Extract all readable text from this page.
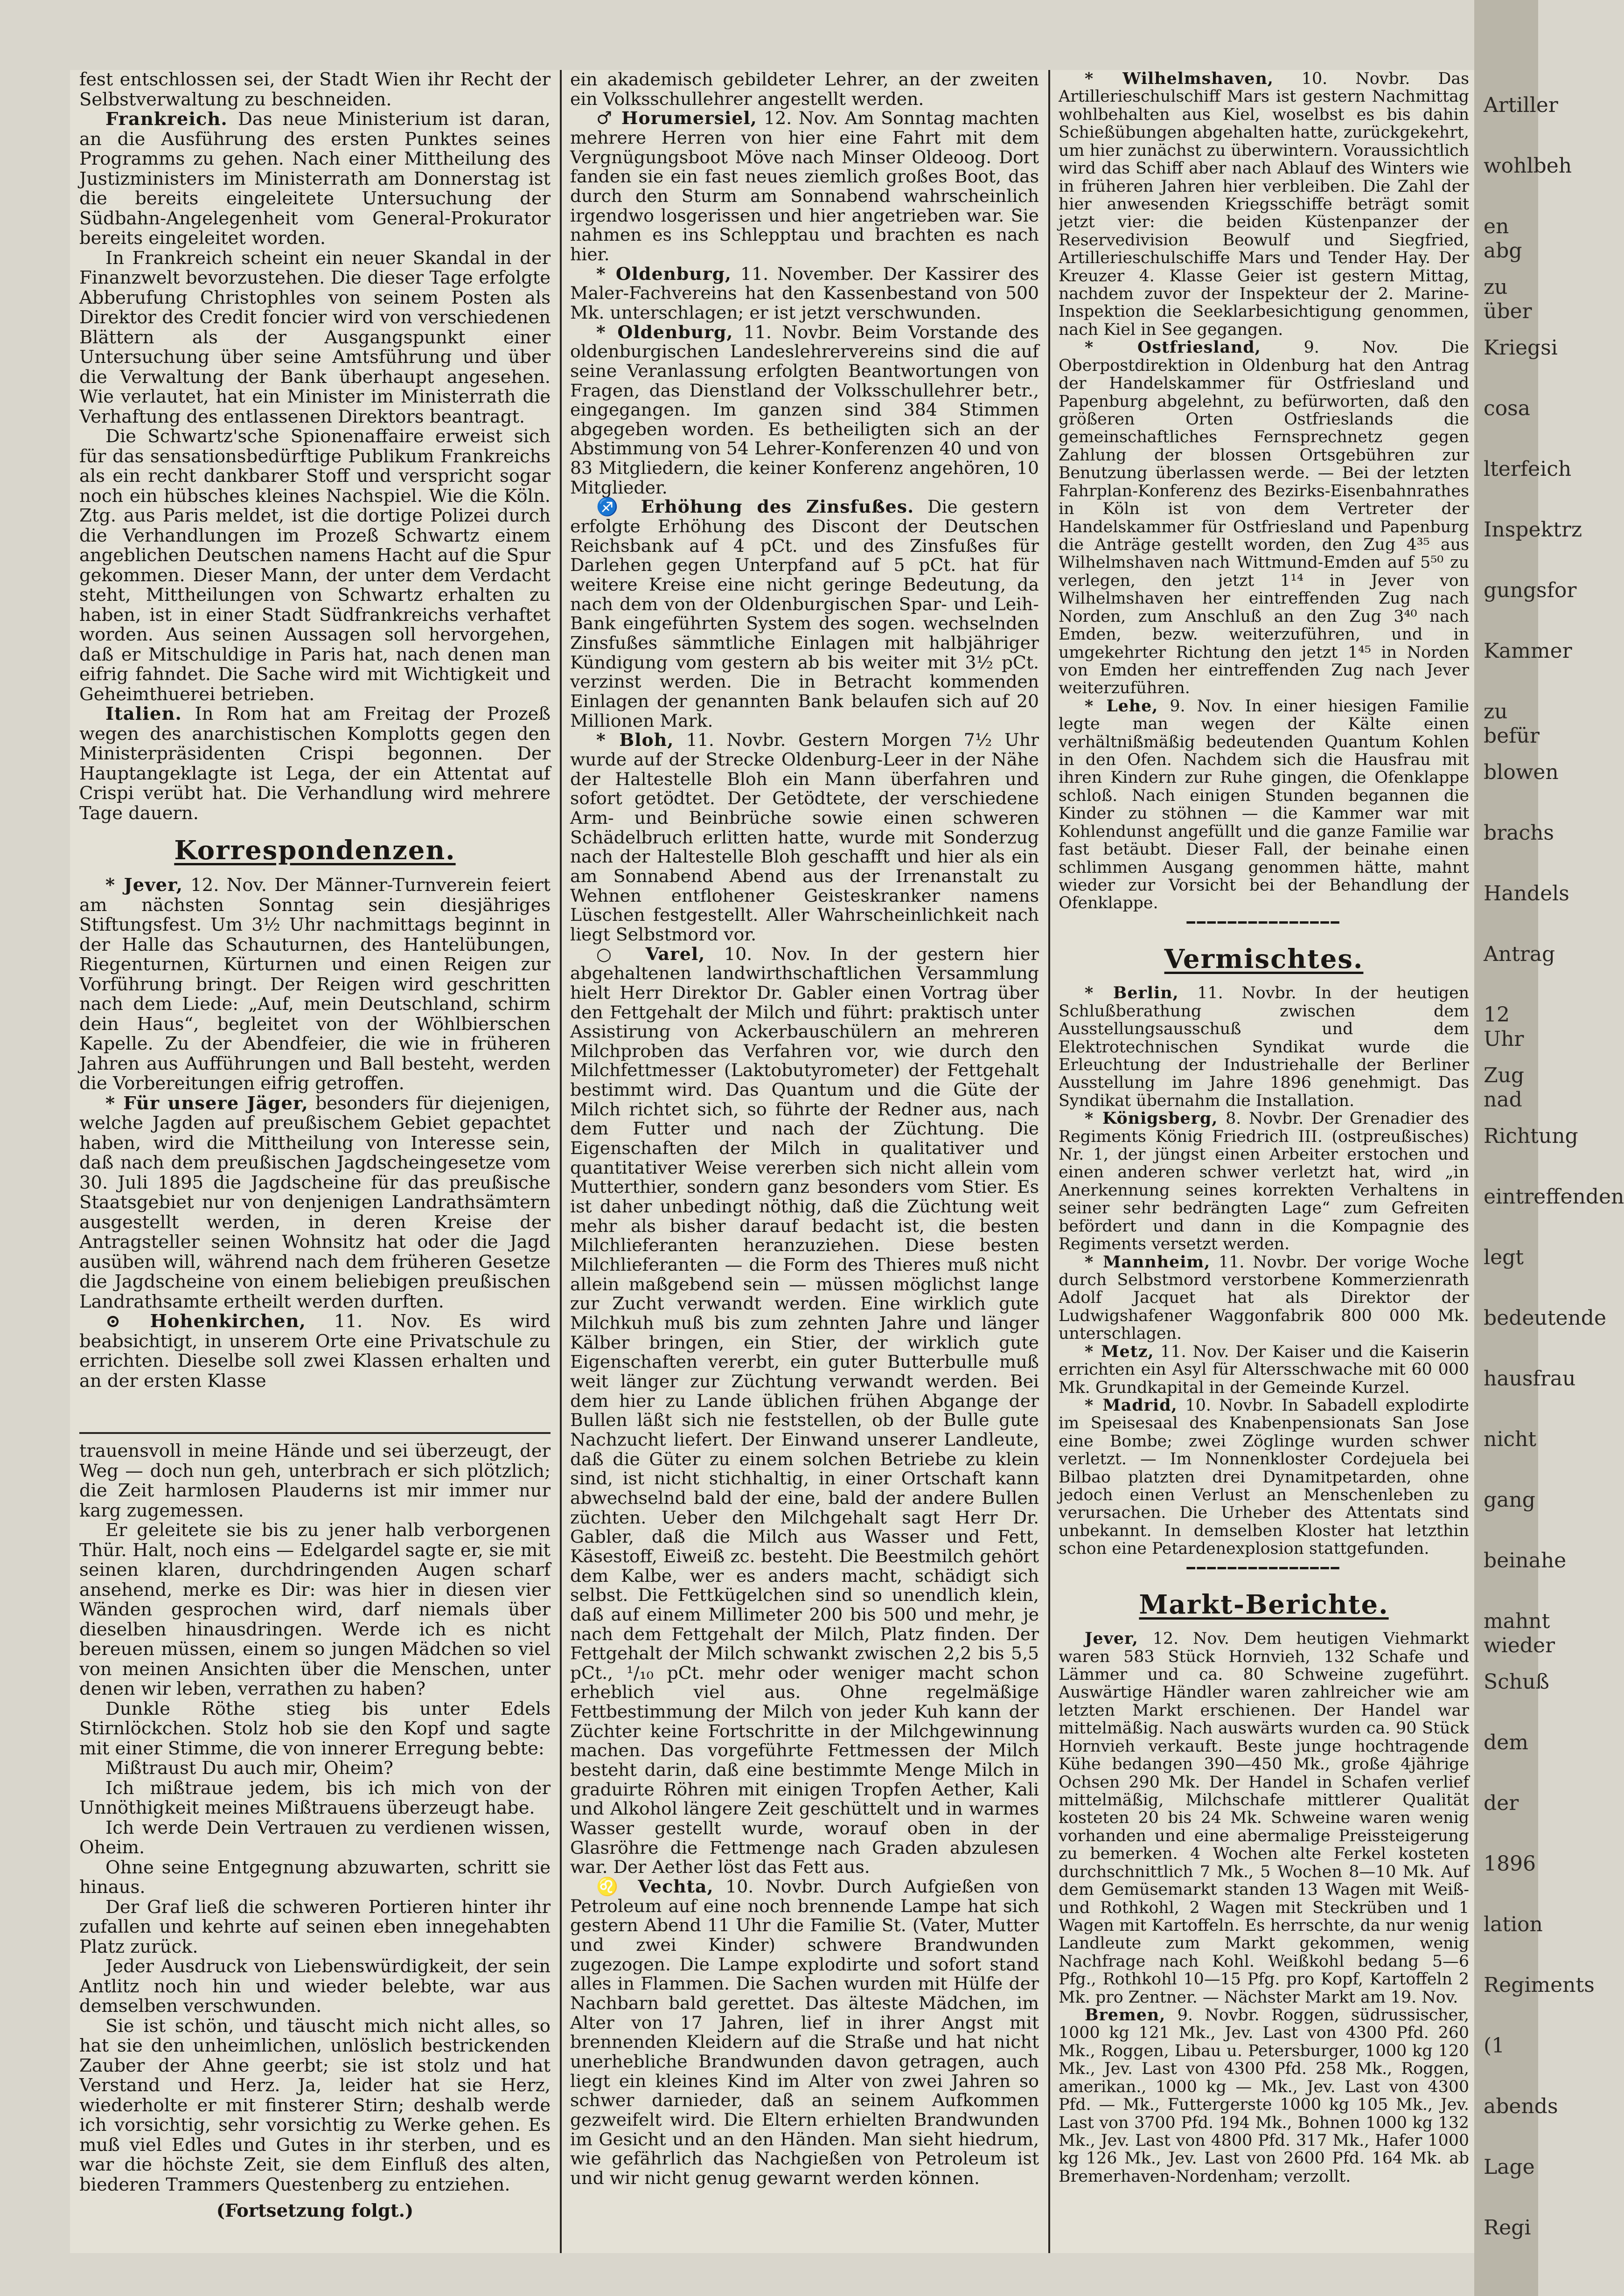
fest entschlossen sei, der Stadt Wien ihr Recht der Selbstverwaltung zu beschneiden.

Frankreich. Das neue Ministerium ist daran, an die Ausführung des ersten Punktes seines Programms zu gehen. Nach einer Mittheilung des Justizministers im Ministerrath am Donnerstag ist die bereits eingeleitete Untersuchung der Südbahn-Angelegenheit vom General-Prokurator bereits eingeleitet worden.

In Frankreich scheint ein neuer Skandal in der Finanzwelt bevorzustehen. Die dieser Tage erfolgte Abberufung Christophles von seinem Posten als Direktor des Credit foncier wird von verschiedenen Blättern als der Ausgangspunkt einer Untersuchung über seine Amtsführung und über die Verwaltung der Bank überhaupt angesehen. Wie verlautet, hat ein Minister im Ministerrath die Verhaftung des entlassenen Direktors beantragt.

Die Schwartz'sche Spionenaffaire erweist sich für das sensationsbedürftige Publikum Frankreichs als ein recht dankbarer Stoff und verspricht sogar noch ein hübsches kleines Nachspiel. Wie die Köln. Ztg. aus Paris meldet, ist die dortige Polizei durch die Verhandlungen im Prozeß Schwartz einem angeblichen Deutschen namens Hacht auf die Spur gekommen. Dieser Mann, der unter dem Verdacht steht, Mittheilungen von Schwartz erhalten zu haben, ist in einer Stadt Südfrankreichs verhaftet worden. Aus seinen Aussagen soll hervorgehen, daß er Mitschuldige in Paris hat, nach denen man eifrig fahndet. Die Sache wird mit Wichtigkeit und Geheimthuerei betrieben.

Italien. In Rom hat am Freitag der Prozeß wegen des anarchistischen Komplotts gegen den Ministerpräsidenten Crispi begonnen. Der Hauptangeklagte ist Lega, der ein Attentat auf Crispi verübt hat. Die Verhandlung wird mehrere Tage dauern.

Korrespondenzen.

* Jever, 12. Nov. Der Männer-Turnverein feiert am nächsten Sonntag sein diesjähriges Stiftungsfest. Um 3½ Uhr nachmittags beginnt in der Halle das Schauturnen, des Hantelübungen, Riegenturnen, Kürturnen und einen Reigen zur Vorführung bringt. Der Reigen wird geschritten nach dem Liede: „Auf, mein Deutschland, schirm dein Haus“, begleitet von der Wöhlbierschen Kapelle. Zu der Abendfeier, die wie in früheren Jahren aus Aufführungen und Ball besteht, werden die Vorbereitungen eifrig getroffen.

* Für unsere Jäger, besonders für diejenigen, welche Jagden auf preußischem Gebiet gepachtet haben, wird die Mittheilung von Interesse sein, daß nach dem preußischen Jagdscheingesetze vom 30. Juli 1895 die Jagdscheine für das preußische Staatsgebiet nur von denjenigen Landrathsämtern ausgestellt werden, in deren Kreise der Antragsteller seinen Wohnsitz hat oder die Jagd ausüben will, während nach dem früheren Gesetze die Jagdscheine von einem beliebigen preußischen Landrathsamte ertheilt werden durften.

⊙ Hohenkirchen, 11. Nov. Es wird beabsichtigt, in unserem Orte eine Privatschule zu errichten. Dieselbe soll zwei Klassen erhalten und an der ersten Klasse

trauensvoll in meine Hände und sei überzeugt, der Weg — doch nun geh, unterbrach er sich plötzlich; die Zeit harmlosen Plauderns ist mir immer nur karg zugemessen.

Er geleitete sie bis zu jener halb verborgenen Thür. Halt, noch eins — Edelgardel sagte er, sie mit seinen klaren, durchdringenden Augen scharf ansehend, merke es Dir: was hier in diesen vier Wänden gesprochen wird, darf niemals über dieselben hinausdringen. Werde ich es nicht bereuen müssen, einem so jungen Mädchen so viel von meinen Ansichten über die Menschen, unter denen wir leben, verrathen zu haben?

Dunkle Röthe stieg bis unter Edels Stirnlöckchen. Stolz hob sie den Kopf und sagte mit einer Stimme, die von innerer Erregung bebte:

Mißtraust Du auch mir, Oheim?

Ich mißtraue jedem, bis ich mich von der Unnöthigkeit meines Mißtrauens überzeugt habe.

Ich werde Dein Vertrauen zu verdienen wissen, Oheim.

Ohne seine Entgegnung abzuwarten, schritt sie hinaus.

Der Graf ließ die schweren Portieren hinter ihr zufallen und kehrte auf seinen eben innegehabten Platz zurück.

Jeder Ausdruck von Liebenswürdigkeit, der sein Antlitz noch hin und wieder belebte, war aus demselben verschwunden.

Sie ist schön, und täuscht mich nicht alles, so hat sie den unheimlichen, unlöslich bestrickenden Zauber der Ahne geerbt; sie ist stolz und hat Verstand und Herz. Ja, leider hat sie Herz, wiederholte er mit finsterer Stirn; deshalb werde ich vorsichtig, sehr vorsichtig zu Werke gehen. Es muß viel Edles und Gutes in ihr sterben, und es war die höchste Zeit, sie dem Einfluß des alten, biederen Trammers Questenberg zu entziehen.

(Fortsetzung folgt.)

ein akademisch gebildeter Lehrer, an der zweiten ein Volksschullehrer angestellt werden.

♂ Horumersiel, 12. Nov. Am Sonntag machten mehrere Herren von hier eine Fahrt mit dem Vergnügungsboot Möve nach Minser Oldeoog. Dort fanden sie ein fast neues ziemlich großes Boot, das durch den Sturm am Sonnabend wahrscheinlich irgendwo losgerissen und hier angetrieben war. Sie nahmen es ins Schlepptau und brachten es nach hier.

* Oldenburg, 11. November. Der Kassirer des Maler-Fachvereins hat den Kassenbestand von 500 Mk. unterschlagen; er ist jetzt verschwunden.

* Oldenburg, 11. Novbr. Beim Vorstande des oldenburgischen Landeslehrervereins sind die auf seine Veranlassung erfolgten Beantwortungen von Fragen, das Dienstland der Volksschullehrer betr., eingegangen. Im ganzen sind 384 Stimmen abgegeben worden. Es betheiligten sich an der Abstimmung von 54 Lehrer-Konferenzen 40 und von 83 Mitgliedern, die keiner Konferenz angehören, 10 Mitglieder.

♐ Erhöhung des Zinsfußes. Die gestern erfolgte Erhöhung des Discont der Deutschen Reichsbank auf 4 pCt. und des Zinsfußes für Darlehen gegen Unterpfand auf 5 pCt. hat für weitere Kreise eine nicht geringe Bedeutung, da nach dem von der Oldenburgischen Spar- und Leih-Bank eingeführten System des sogen. wechselnden Zinsfußes sämmtliche Einlagen mit halbjähriger Kündigung vom gestern ab bis weiter mit 3½ pCt. verzinst werden. Die in Betracht kommenden Einlagen der genannten Bank belaufen sich auf 20 Millionen Mark.

* Bloh, 11. Novbr. Gestern Morgen 7½ Uhr wurde auf der Strecke Oldenburg-Leer in der Nähe der Haltestelle Bloh ein Mann überfahren und sofort getödtet. Der Getödtete, der verschiedene Arm- und Beinbrüche sowie einen schweren Schädelbruch erlitten hatte, wurde mit Sonderzug nach der Haltestelle Bloh geschafft und hier als ein am Sonnabend Abend aus der Irrenanstalt zu Wehnen entflohener Geisteskranker namens Lüschen festgestellt. Aller Wahrscheinlichkeit nach liegt Selbstmord vor.

○ Varel, 10. Nov. In der gestern hier abgehaltenen landwirthschaftlichen Versammlung hielt Herr Direktor Dr. Gabler einen Vortrag über den Fettgehalt der Milch und führt: praktisch unter Assistirung von Ackerbauschülern an mehreren Milchproben das Verfahren vor, wie durch den Milchfettmesser (Laktobutyrometer) der Fettgehalt bestimmt wird. Das Quantum und die Güte der Milch richtet sich, so führte der Redner aus, nach dem Futter und nach der Züchtung. Die Eigenschaften der Milch in qualitativer und quantitativer Weise vererben sich nicht allein vom Mutterthier, sondern ganz besonders vom Stier. Es ist daher unbedingt nöthig, daß die Züchtung weit mehr als bisher darauf bedacht ist, die besten Milchlieferanten heranzuziehen. Diese besten Milchlieferanten — die Form des Thieres muß nicht allein maßgebend sein — müssen möglichst lange zur Zucht verwandt werden. Eine wirklich gute Milchkuh muß bis zum zehnten Jahre und länger Kälber bringen, ein Stier, der wirklich gute Eigenschaften vererbt, ein guter Butterbulle muß weit länger zur Züchtung verwandt werden. Bei dem hier zu Lande üblichen frühen Abgange der Bullen läßt sich nie feststellen, ob der Bulle gute Nachzucht liefert. Der Einwand unserer Landleute, daß die Güter zu einem solchen Betriebe zu klein sind, ist nicht stichhaltig, in einer Ortschaft kann abwechselnd bald der eine, bald der andere Bullen züchten. Ueber den Milchgehalt sagt Herr Dr. Gabler, daß die Milch aus Wasser und Fett, Käsestoff, Eiweiß zc. besteht. Die Beestmilch gehört dem Kalbe, wer es anders macht, schädigt sich selbst. Die Fettkügelchen sind so unendlich klein, daß auf einem Millimeter 200 bis 500 und mehr, je nach dem Fettgehalt der Milch, Platz finden. Der Fettgehalt der Milch schwankt zwischen 2,2 bis 5,5 pCt., ¹/₁₀ pCt. mehr oder weniger macht schon erheblich viel aus. Ohne regelmäßige Fettbestimmung der Milch von jeder Kuh kann der Züchter keine Fortschritte in der Milchgewinnung machen. Das vorgeführte Fettmessen der Milch besteht darin, daß eine bestimmte Menge Milch in graduirte Röhren mit einigen Tropfen Aether, Kali und Alkohol längere Zeit geschüttelt und in warmes Wasser gestellt wurde, worauf oben in der Glasröhre die Fettmenge nach Graden abzulesen war. Der Aether löst das Fett aus.

♌ Vechta, 10. Novbr. Durch Aufgießen von Petroleum auf eine noch brennende Lampe hat sich gestern Abend 11 Uhr die Familie St. (Vater, Mutter und zwei Kinder) schwere Brandwunden zugezogen. Die Lampe explodirte und sofort stand alles in Flammen. Die Sachen wurden mit Hülfe der Nachbarn bald gerettet. Das älteste Mädchen, im Alter von 17 Jahren, lief in ihrer Angst mit brennenden Kleidern auf die Straße und hat nicht unerhebliche Brandwunden davon getragen, auch liegt ein kleines Kind im Alter von zwei Jahren so schwer darnieder, daß an seinem Aufkommen gezweifelt wird. Die Eltern erhielten Brandwunden im Gesicht und an den Händen. Man sieht hiedrum, wie gefährlich das Nachgießen von Petroleum ist und wir nicht genug gewarnt werden können.

* Wilhelmshaven, 10. Novbr. Das Artillerieschulschiff Mars ist gestern Nachmittag wohlbehalten aus Kiel, woselbst es bis dahin Schießübungen abgehalten hatte, zurückgekehrt, um hier zunächst zu überwintern. Voraussichtlich wird das Schiff aber nach Ablauf des Winters wie in früheren Jahren hier verbleiben. Die Zahl der hier anwesenden Kriegsschiffe beträgt somit jetzt vier: die beiden Küstenpanzer der Reservedivision Beowulf und Siegfried, Artillerieschulschiffe Mars und Tender Hay. Der Kreuzer 4. Klasse Geier ist gestern Mittag, nachdem zuvor der Inspekteur der 2. Marine-Inspektion die Seeklarbesichtigung genommen, nach Kiel in See gegangen.

* Ostfriesland,	9. Nov. Die Oberpostdirektion in Oldenburg hat den Antrag der Handelskammer für Ostfriesland und Papenburg abgelehnt, zu befürworten, daß den größeren Orten Ostfrieslands die gemeinschaftliches Fernsprechnetz gegen Zahlung der blossen Ortsgebühren zur Benutzung überlassen werde. — Bei der letzten Fahrplan-Konferenz des Bezirks-Eisenbahnrathes in Köln ist von dem Vertreter der Handelskammer für Ostfriesland und Papenburg die Anträge gestellt worden, den Zug 4³⁵ aus Wilhelmshaven nach Wittmund-Emden auf 5⁵⁰ zu verlegen, den jetzt 1¹⁴ in Jever von Wilhelmshaven her eintreffenden Zug nach Norden, zum Anschluß an den Zug 3⁴⁰ nach Emden, bezw. weiterzuführen, und in umgekehrter Richtung den jetzt 1⁴⁵ in Norden von Emden her eintreffenden Zug nach Jever weiterzuführen.

* Lehe, 9. Nov. In einer hiesigen Familie legte man wegen der Kälte einen verhältnißmäßig bedeutenden Quantum Kohlen in den Ofen. Nachdem sich die Hausfrau mit ihren Kindern zur Ruhe gingen, die Ofenklappe schloß. Nach einigen Stunden begannen die Kinder zu stöhnen — die Kammer war mit Kohlendunst angefüllt und die ganze Familie war fast betäubt. Dieser Fall, der beinahe einen schlimmen Ausgang genommen hätte, mahnt wieder zur Vorsicht bei der Behandlung der Ofenklappe.

━━━━━━━━━━━━━━━
Vermischtes.

* Berlin, 11. Novbr. In der heutigen Schlußberathung zwischen dem Ausstellungsausschuß und dem Elektrotechnischen Syndikat wurde die Erleuchtung der Industriehalle der Berliner Ausstellung im Jahre 1896 genehmigt. Das Syndikat übernahm die Installation.

* Königsberg, 8. Novbr. Der Grenadier des Regiments König Friedrich III. (ostpreußisches) Nr. 1, der jüngst einen Arbeiter erstochen und einen anderen schwer verletzt hat, wird „in Anerkennung seines korrekten Verhaltens in seiner sehr bedrängten Lage“ zum Gefreiten befördert und dann in die Kompagnie des Regiments versetzt werden.

* Mannheim, 11. Novbr. Der vorige Woche durch Selbstmord verstorbene Kommerzienrath Adolf Jacquet hat als Direktor der Ludwigshafener Waggonfabrik 800 000 Mk. unterschlagen.

* Metz, 11. Nov. Der Kaiser und die Kaiserin errichten ein Asyl für Altersschwache mit 60 000 Mk. Grundkapital in der Gemeinde Kurzel.

* Madrid, 10. Novbr. In Sabadell explodirte im Speisesaal des Knabenpensionats San Jose eine Bombe; zwei Zöglinge wurden schwer verletzt. — Im Nonnenkloster Cordejuela bei Bilbao platzten drei Dynamitpetarden, ohne jedoch einen Verlust an Menschenleben zu verursachen. Die Urheber des Attentats sind unbekannt. In demselben Kloster hat letzthin schon eine Petardenexplosion stattgefunden.

━━━━━━━━━━━━━━━
Markt-Berichte.

Jever, 12. Nov. Dem heutigen Viehmarkt waren 583 Stück Hornvieh, 132 Schafe und Lämmer und ca. 80 Schweine zugeführt. Auswärtige Händler waren zahlreicher wie am letzten Markt erschienen. Der Handel war mittelmäßig. Nach auswärts wurden ca. 90 Stück Hornvieh verkauft. Beste junge hochtragende Kühe bedangen 390—450 Mk., große 4jährige Ochsen 290 Mk. Der Handel in Schafen verlief mittelmäßig, Milchschafe mittlerer Qualität kosteten 20 bis 24 Mk. Schweine waren wenig vorhanden und eine abermalige Preissteigerung zu bemerken. 4 Wochen alte Ferkel kosteten durchschnittlich 7 Mk., 5 Wochen 8—10 Mk. Auf dem Gemüsemarkt standen 13 Wagen mit Weiß- und Rothkohl, 2 Wagen mit Steckrüben und 1 Wagen mit Kartoffeln. Es herrschte, da nur wenig Landleute zum Markt gekommen, wenig Nachfrage nach Kohl. Weißkohl bedang 5—6 Pfg., Rothkohl 10—15 Pfg. pro Kopf, Kartoffeln 2 Mk. pro Zentner. — Nächster Markt am 19. Nov.

Bremen, 9. Novbr. Roggen, südrussischer, 1000 kg 121 Mk., Jev. Last von 4300 Pfd. 260 Mk., Roggen, Libau u. Petersburger, 1000 kg 120 Mk., Jev. Last von 4300 Pfd. 258 Mk., Roggen, amerikan., 1000 kg — Mk., Jev. Last von 4300 Pfd. — Mk., Futtergerste 1000 kg 105 Mk., Jev. Last von 3700 Pfd. 194 Mk., Bohnen 1000 kg 132 Mk., Jev. Last von 4800 Pfd. 317 Mk., Hafer 1000 kg 126 Mk., Jev. Last von 2600 Pfd. 164 Mk. ab Bremerhaven-Nordenham; verzollt.

Artiller
wohlbeh
en abg
zu über
Kriegsi
cosa
lterfeich
Inspektrz
gungsfor
Kammer
zu befür
blowen
brachs
Handels
Antrag
12 Uhr
Zug nad
Richtung
eintreffenden
legt
bedeutende
hausfrau
nicht
gang
beinahe
mahnt wieder
Schuß
dem
der
1896
lation
Regiments
(1
abends
Lage
Regi
